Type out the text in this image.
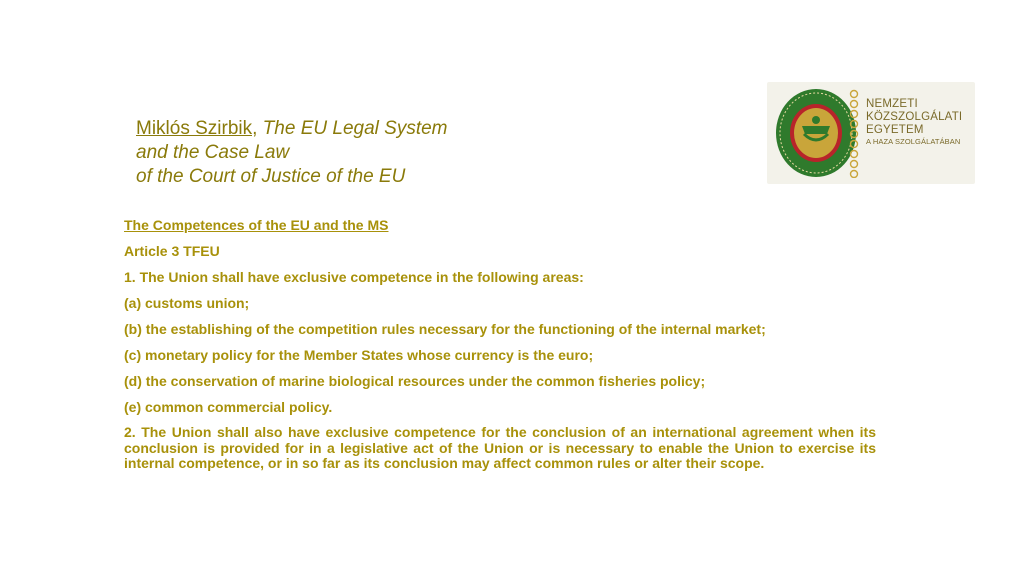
Miklós Szirbik, The EU Legal System
and the Case Law
of the Court of Justice of the EU
NEMZETI
KÖZSZOLGÁLATI
EGYETEM
A HAZA SZOLGÁLATÁBAN
The Competences of the EU and the MS
Article 3 TFEU
1. The Union shall have exclusive competence in the following areas:
(a) customs union;
(b) the establishing of the competition rules necessary for the functioning of the internal market;
(c) monetary policy for the Member States whose currency is the euro;
(d) the conservation of marine biological resources under the common fisheries policy;
(e) common commercial policy.
2. The Union shall also have exclusive competence for the conclusion of an international agreement when its conclusion is provided for in a legislative act of the Union or is necessary to enable the Union to exercise its internal competence, or in so far as its conclusion may affect common rules or alter their scope.
